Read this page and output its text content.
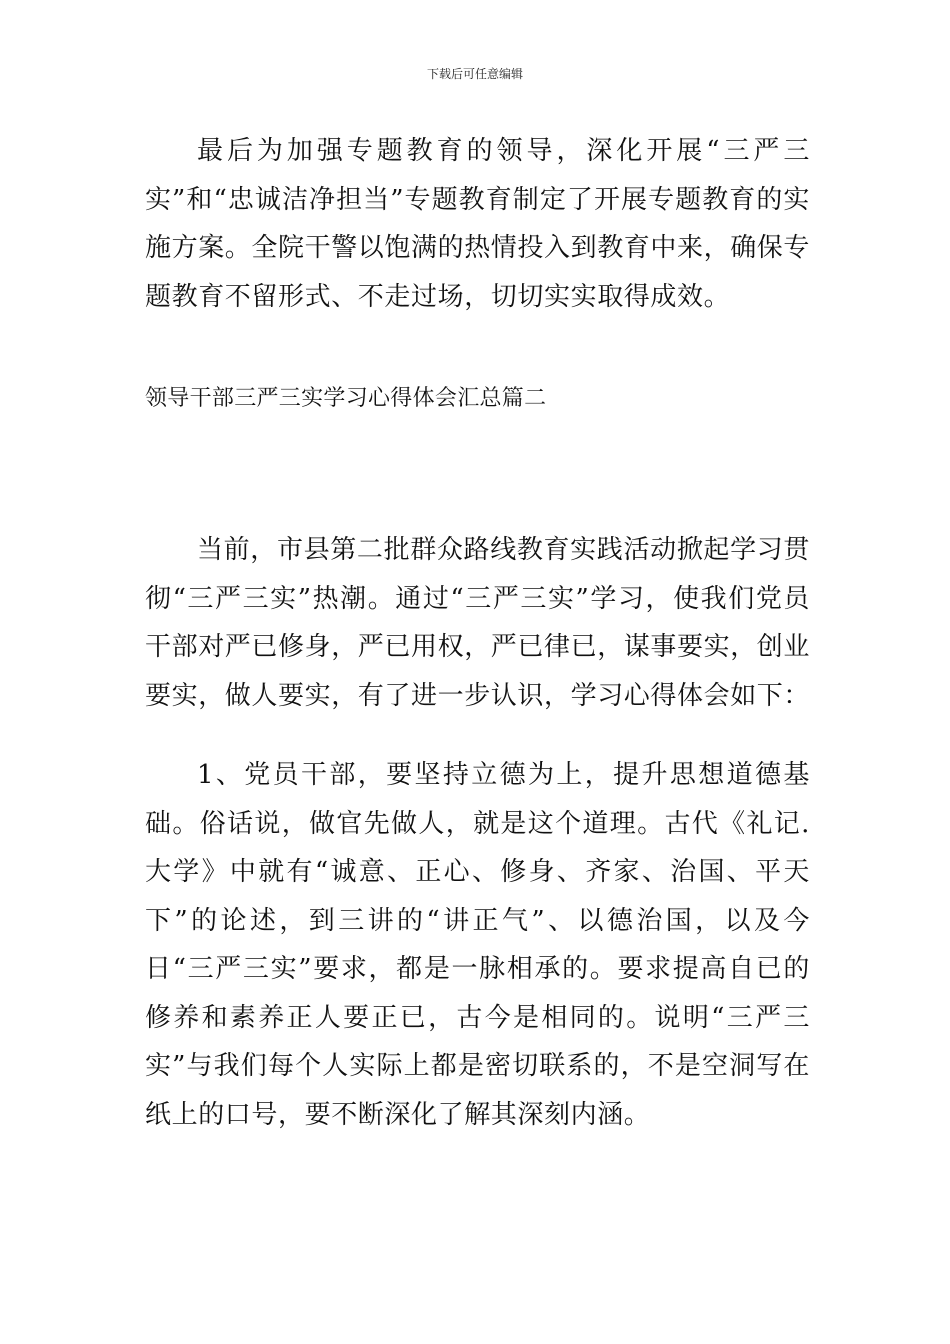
下载后可任意编辑

最后为加强专题教育的领导，深化开展“三严三实”和“忠诚洁净担当”专题教育制定了开展专题教育的实施方案。全院干警以饱满的热情投入到教育中来，确保专题教育不留形式、不走过场，切切实实取得成效。

领导干部三严三实学习心得体会汇总篇二

当前，市县第二批群众路线教育实践活动掀起学习贯彻“三严三实”热潮。通过“三严三实”学习，使我们党员干部对严已修身，严已用权，严已律已，谋事要实，创业要实，做人要实，有了进一步认识，学习心得体会如下：

1、党员干部，要坚持立德为上，提升思想道德基础。俗话说，做官先做人，就是这个道理。古代《礼记.大学》中就有“诚意、正心、修身、齐家、治国、平天下”的论述，到三讲的“讲正气”、以德治国，以及今日“三严三实”要求，都是一脉相承的。要求提高自已的修养和素养正人要正已，古今是相同的。说明“三严三实”与我们每个人实际上都是密切联系的，不是空洞写在纸上的口号，要不断深化了解其深刻内涵。
